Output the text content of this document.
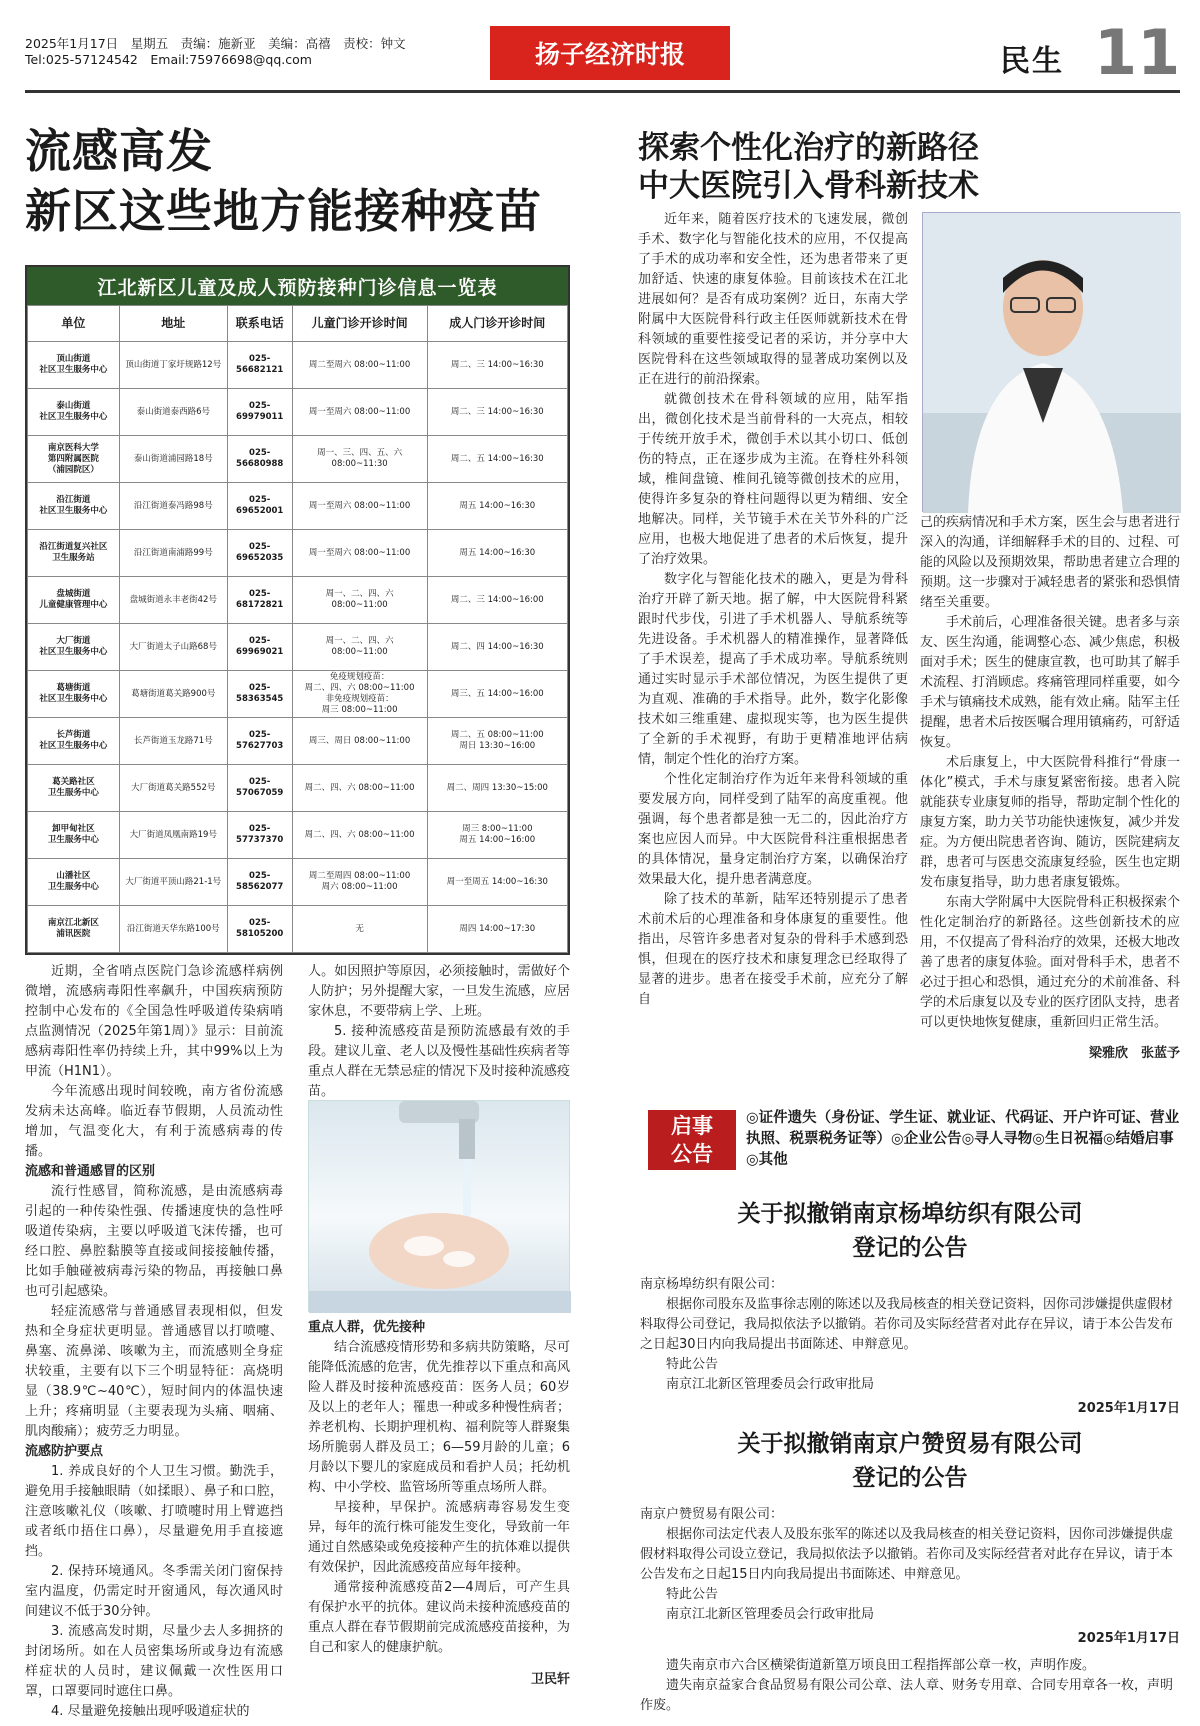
2025年1月17日　星期五　责编：施新亚　美编：高禧　责校：钟文
Tel:025-57124542　Email:75976698@qq.com	扬子经济时报	民生 11
流感高发
新区这些地方能接种疫苗
江北新区儿童及成人预防接种门诊信息一览表
单位	地址	联系电话	儿童门诊开诊时间	成人门诊开诊时间
顶山街道
社区卫生服务中心	顶山街道丁家圩规路12号	025-56682121	周二至周六 08:00~11:00	周二、三 14:00~16:30
泰山街道
社区卫生服务中心	泰山街道泰西路6号	025-69979011	周一至周六 08:00~11:00	周二、三 14:00~16:30
南京医科大学
第四附属医院
（浦园院区）	泰山街道浦园路18号	025-56680988	周一、三、四、五、六
08:00~11:30	周二、五 14:00~16:30
沿江街道
社区卫生服务中心	沿江街道泰冯路98号	025-69652001	周一至周六 08:00~11:00	周五 14:00~16:30
沿江街道复兴社区
卫生服务站	沿江街道南浦路99号	025-69652035	周一至周六 08:00~11:00	周五 14:00~16:30
盘城街道
儿童健康管理中心	盘城街道永丰老街42号	025-68172821	周一、二、四、六
08:00~11:00	周二、三 14:00~16:00
大厂街道
社区卫生服务中心	大厂街道太子山路68号	025-69969021	周一、二、四、六
08:00~11:00	周二、四 14:00~16:30
葛塘街道
社区卫生服务中心	葛塘街道葛关路900号	025-58363545	免疫规划疫苗：
周二、四、六 08:00~11:00
非免疫规划疫苗：
周三 08:00~11:00	周三、五 14:00~16:00
长芦街道
社区卫生服务中心	长芦街道玉龙路71号	025-57627703	周三、周日 08:00~11:00	周二、五 08:00~11:00
周日 13:30~16:00
葛关路社区
卫生服务中心	大厂街道葛关路552号	025-57067059	周二、四、六 08:00~11:00	周二、周四 13:30~15:00
卸甲甸社区
卫生服务中心	大厂街道凤凰南路19号	025-57737370	周二、四、六 08:00~11:00	周三 8:00~11:00
周五 14:00~16:00
山潘社区
卫生服务中心	大厂街道平顶山路21-1号	025-58562077	周二至周四 08:00~11:00
周六 08:00~11:00	周一至周五 14:00~16:30
南京江北新区
浦讯医院	沿江街道天华东路100号	025-58105200	无	周四 14:00~17:30

近期，全省哨点医院门急诊流感样病例微增，流感病毒阳性率飙升，中国疾病预防控制中心发布的《全国急性呼吸道传染病哨点监测情况（2025年第1周）》显示：目前流感病毒阳性率仍持续上升，其中99%以上为甲流（H1N1）。

今年流感出现时间较晚，南方省份流感发病未达高峰。临近春节假期，人员流动性增加，气温变化大，有利于流感病毒的传播。

流感和普通感冒的区别

流行性感冒，简称流感，是由流感病毒引起的一种传染性强、传播速度快的急性呼吸道传染病，主要以呼吸道飞沫传播，也可经口腔、鼻腔黏膜等直接或间接接触传播，比如手触碰被病毒污染的物品，再接触口鼻也可引起感染。

轻症流感常与普通感冒表现相似，但发热和全身症状更明显。普通感冒以打喷嚏、鼻塞、流鼻涕、咳嗽为主，而流感则全身症状较重，主要有以下三个明显特征：高烧明显（38.9℃~40℃），短时间内的体温快速上升；疼痛明显（主要表现为头痛、咽痛、肌肉酸痛）；疲劳乏力明显。

流感防护要点

1. 养成良好的个人卫生习惯。勤洗手，避免用手接触眼睛（如揉眼）、鼻子和口腔，注意咳嗽礼仪（咳嗽、打喷嚏时用上臂遮挡或者纸巾捂住口鼻），尽量避免用手直接遮挡。

2. 保持环境通风。冬季需关闭门窗保持室内温度，仍需定时开窗通风，每次通风时间建议不低于30分钟。

3. 流感高发时期，尽量少去人多拥挤的封闭场所。如在人员密集场所或身边有流感样症状的人员时，建议佩戴一次性医用口罩，口罩要同时遮住口鼻。

4. 尽量避免接触出现呼吸道症状的

人。如因照护等原因，必须接触时，需做好个人防护；另外提醒大家，一旦发生流感，应居家休息，不要带病上学、上班。

5. 接种流感疫苗是预防流感最有效的手段。建议儿童、老人以及慢性基础性疾病者等重点人群在无禁忌症的情况下及时接种流感疫苗。

重点人群，优先接种

结合流感疫情形势和多病共防策略，尽可能降低流感的危害，优先推荐以下重点和高风险人群及时接种流感疫苗：医务人员；60岁及以上的老年人；罹患一种或多种慢性病者；养老机构、长期护理机构、福利院等人群聚集场所脆弱人群及员工；6—59月龄的儿童；6月龄以下婴儿的家庭成员和看护人员；托幼机构、中小学校、监管场所等重点场所人群。

早接种，早保护。流感病毒容易发生变异，每年的流行株可能发生变化，导致前一年通过自然感染或免疫接种产生的抗体难以提供有效保护，因此流感疫苗应每年接种。

通常接种流感疫苗2—4周后，可产生具有保护水平的抗体。建议尚未接种流感疫苗的重点人群在春节假期前完成流感疫苗接种，为自己和家人的健康护航。

卫民轩

探索个性化治疗的新路径
中大医院引入骨科新技术

近年来，随着医疗技术的飞速发展，微创手术、数字化与智能化技术的应用，不仅提高了手术的成功率和安全性，还为患者带来了更加舒适、快速的康复体验。目前该技术在江北进展如何？是否有成功案例？近日，东南大学附属中大医院骨科行政主任医师就新技术在骨科领域的重要性接受记者的采访，并分享中大医院骨科在这些领域取得的显著成功案例以及正在进行的前沿探索。

就微创技术在骨科领域的应用，陆军指出，微创化技术是当前骨科的一大亮点，相较于传统开放手术，微创手术以其小切口、低创伤的特点，正在逐步成为主流。在脊柱外科领域，椎间盘镜、椎间孔镜等微创技术的应用，使得许多复杂的脊柱问题得以更为精细、安全地解决。同样，关节镜手术在关节外科的广泛应用，也极大地促进了患者的术后恢复，提升了治疗效果。

数字化与智能化技术的融入，更是为骨科治疗开辟了新天地。据了解，中大医院骨科紧跟时代步伐，引进了手术机器人、导航系统等先进设备。手术机器人的精准操作，显著降低了手术误差，提高了手术成功率。导航系统则通过实时显示手术部位情况，为医生提供了更为直观、准确的手术指导。此外，数字化影像技术如三维重建、虚拟现实等，也为医生提供了全新的手术视野，有助于更精准地评估病情，制定个性化的治疗方案。

个性化定制治疗作为近年来骨科领域的重要发展方向，同样受到了陆军的高度重视。他强调，每个患者都是独一无二的，因此治疗方案也应因人而异。中大医院骨科注重根据患者的具体情况，量身定制治疗方案，以确保治疗效果最大化，提升患者满意度。

除了技术的革新，陆军还特别提示了患者术前术后的心理准备和身体康复的重要性。他指出，尽管许多患者对复杂的骨科手术感到恐惧，但现在的医疗技术和康复理念已经取得了显著的进步。患者在接受手术前，应充分了解自

己的疾病情况和手术方案，医生会与患者进行深入的沟通，详细解释手术的目的、过程、可能的风险以及预期效果，帮助患者建立合理的预期。这一步骤对于减轻患者的紧张和恐惧情绪至关重要。

手术前后，心理准备很关键。患者多与亲友、医生沟通，能调整心态、减少焦虑，积极面对手术；医生的健康宣教，也可助其了解手术流程、打消顾虑。疼痛管理同样重要，如今手术与镇痛技术成熟，能有效止痛。陆军主任提醒，患者术后按医嘱合理用镇痛药，可舒适恢复。

术后康复上，中大医院骨科推行“骨康一体化”模式，手术与康复紧密衔接。患者入院就能获专业康复师的指导，帮助定制个性化的康复方案，助力关节功能快速恢复，减少并发症。为方便出院患者咨询、随访，医院建病友群，患者可与医患交流康复经验，医生也定期发布康复指导，助力患者康复锻炼。

东南大学附属中大医院骨科正积极探索个性化定制治疗的新路径。这些创新技术的应用，不仅提高了骨科治疗的效果，还极大地改善了患者的康复体验。面对骨科手术，患者不必过于担心和恐惧，通过充分的术前准备、科学的术后康复以及专业的医疗团队支持，患者可以更快地恢复健康，重新回归正常生活。

梁雅欣　张蓝予

启事
公告
◎证件遗失（身份证、学生证、就业证、代码证、开户许可证、营业执照、税票税务证等）◎企业公告◎寻人寻物◎生日祝福◎结婚启事◎其他
关于拟撤销南京杨埠纺织有限公司
登记的公告

南京杨埠纺织有限公司：

根据你司股东及监事徐志刚的陈述以及我局核查的相关登记资料，因你司涉嫌提供虚假材料取得公司登记，我局拟依法予以撤销。若你司及实际经营者对此存在异议，请于本公告发布之日起30日内向我局提出书面陈述、申辩意见。

特此公告

南京江北新区管理委员会行政审批局

2025年1月17日

关于拟撤销南京户赞贸易有限公司
登记的公告

南京户赞贸易有限公司：

根据你司法定代表人及股东张军的陈述以及我局核查的相关登记资料，因你司涉嫌提供虚假材料取得公司设立登记，我局拟依法予以撤销。若你司及实际经营者对此存在异议，请于本公告发布之日起15日内向我局提出书面陈述、申辩意见。

特此公告

南京江北新区管理委员会行政审批局

2025年1月17日

遗失南京市六合区横梁街道新篁万顷良田工程指挥部公章一枚，声明作废。

遗失南京益家合食品贸易有限公司公章、法人章、财务专用章、合同专用章各一枚，声明作废。
